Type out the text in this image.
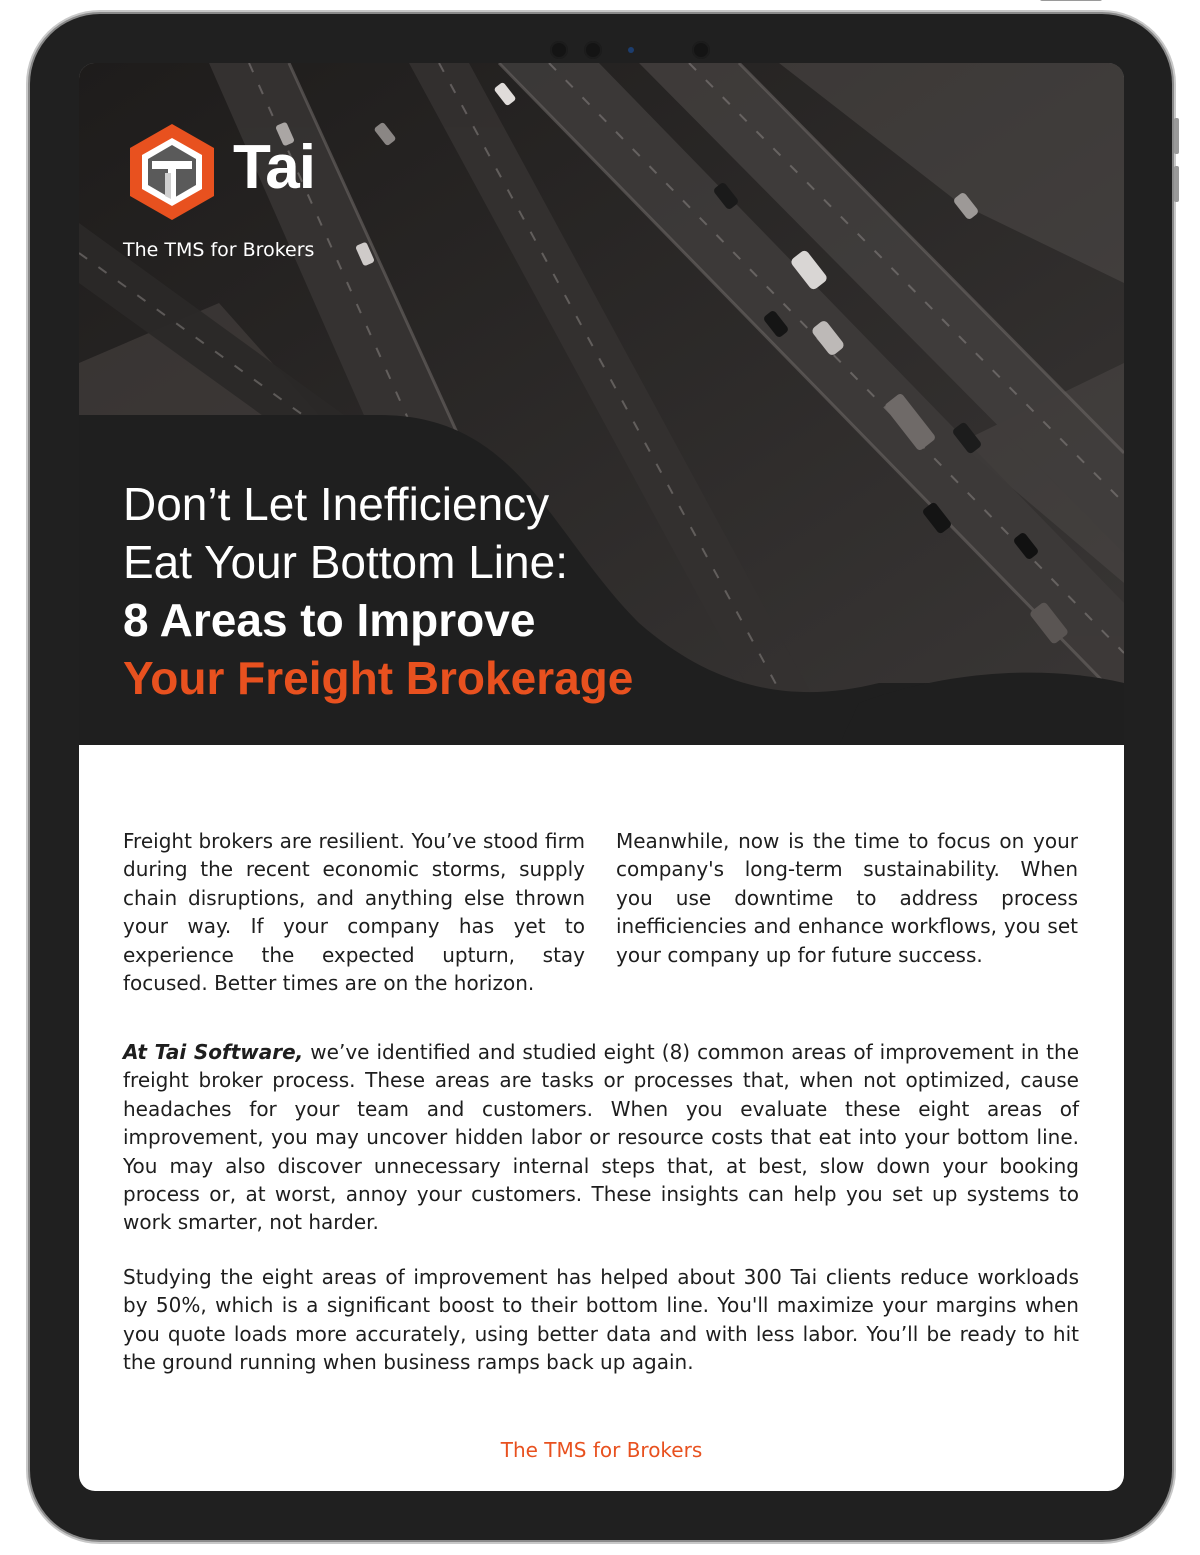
Tai
The TMS for Brokers
Don’t Let Inefficiency
Eat Your Bottom Line:
8 Areas to Improve
Your Freight Brokerage

Freight brokers are resilient. You’ve stood firm during the recent economic storms, supply chain disruptions, and anything else thrown your way. If your company has yet to experience the expected upturn, stay focused. Better times are on the horizon.

Meanwhile, now is the time to focus on your company's long-term sustainability. When you use downtime to address process inefficiencies and enhance workflows, you set your company up for future success.

At Tai Software, we’ve identified and studied eight (8) common areas of improvement in the freight broker process. These areas are tasks or processes that, when not optimized, cause headaches for your team and customers. When you evaluate these eight areas of improvement, you may uncover hidden labor or resource costs that eat into your bottom line. You may also discover unnecessary internal steps that, at best, slow down your booking process or, at worst, annoy your customers. These insights can help you set up systems to work smarter, not harder.

Studying the eight areas of improvement has helped about 300 Tai clients reduce workloads by 50%, which is a significant boost to their bottom line. You'll maximize your margins when you quote loads more accurately, using better data and with less labor. You’ll be ready to hit the ground running when business ramps back up again.

The TMS for Brokers
